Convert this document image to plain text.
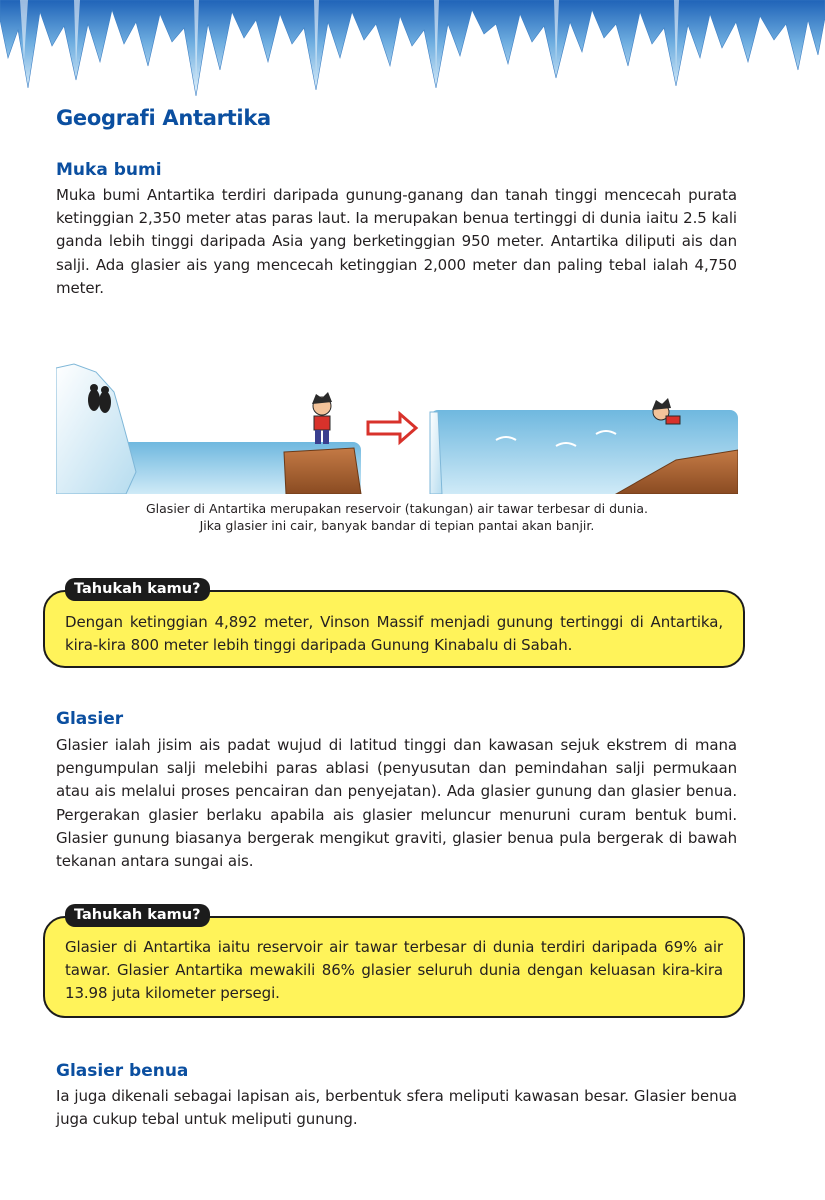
Geografi Antartika
Muka bumi

Muka bumi Antartika terdiri daripada gunung-ganang dan tanah tinggi mencecah purata ketinggian 2,350 meter atas paras laut. Ia merupakan benua tertinggi di dunia iaitu 2.5 kali ganda lebih tinggi daripada Asia yang berketinggian 950 meter. Antartika diliputi ais dan salji. Ada glasier ais yang mencecah ketinggian 2,000 meter dan paling tebal ialah 4,750 meter.

Glasier di Antartika merupakan reservoir (takungan) air tawar terbesar di dunia.
Jika glasier ini cair, banyak bandar di tepian pantai akan banjir.

Tahukah kamu?

Dengan ketinggian 4,892 meter, Vinson Massif menjadi gunung tertinggi di Antartika, kira-kira 800 meter lebih tinggi daripada Gunung Kinabalu di Sabah.

Glasier

Glasier ialah jisim ais padat wujud di latitud tinggi dan kawasan sejuk ekstrem di mana pengumpulan salji melebihi paras ablasi (penyusutan dan pemindahan salji permukaan atau ais melalui proses pencairan dan penyejatan). Ada glasier gunung dan glasier benua. Pergerakan glasier berlaku apabila ais glasier meluncur menuruni curam bentuk bumi. Glasier gunung biasanya bergerak mengikut graviti, glasier benua pula bergerak di bawah tekanan antara sungai ais.

Tahukah kamu?

Glasier di Antartika iaitu reservoir air tawar terbesar di dunia terdiri daripada 69% air tawar. Glasier Antartika mewakili 86% glasier seluruh dunia dengan keluasan kira-kira 13.98 juta kilometer persegi.

Glasier benua

Ia juga dikenali sebagai lapisan ais, berbentuk sfera meliputi kawasan besar. Glasier benua juga cukup tebal untuk meliputi gunung.
